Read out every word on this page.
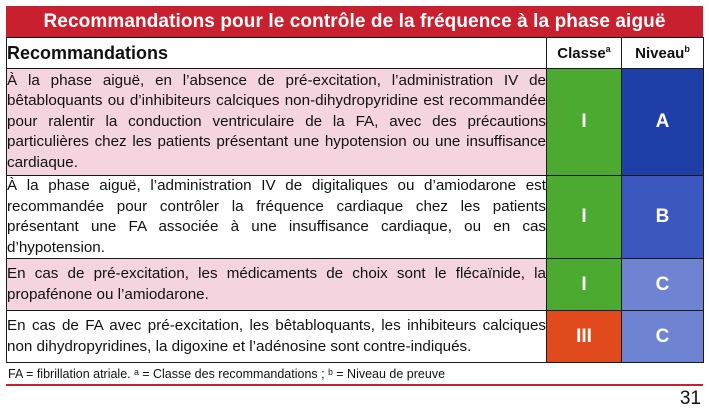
Recommandations pour le contrôle de la fréquence à la phase aiguë
Recommandations	Classe$^a$	Niveau$^b$
À la phase aiguë, en l’absence de pré-excitation, l’administration IV de bêtabloquants ou d’inhibiteurs calciques non-dihydropyridine est recommandée pour ralentir la conduction ventriculaire de la FA, avec des précautions particulières chez les patients présentant une hypotension ou une insuffisance cardiaque.	I	A
À la phase aiguë, l’administration IV de digitaliques ou d’amiodarone est recommandée pour contrôler la fréquence cardiaque chez les patients présentant une FA associée à une insuffisance cardiaque, ou en cas d’hypotension.	I	B
En cas de pré-excitation, les médicaments de choix sont le flécaïnide, la propafénone ou l’amiodarone.	I	C
En cas de FA avec pré-excitation, les bêtabloquants, les inhibiteurs calciques non dihydropyridines, la digoxine et l’adénosine sont contre-indiqués.	III	C
FA = fibrillation atriale. ᵃ = Classe des recommandations ; ᵇ = Niveau de preuve
31
